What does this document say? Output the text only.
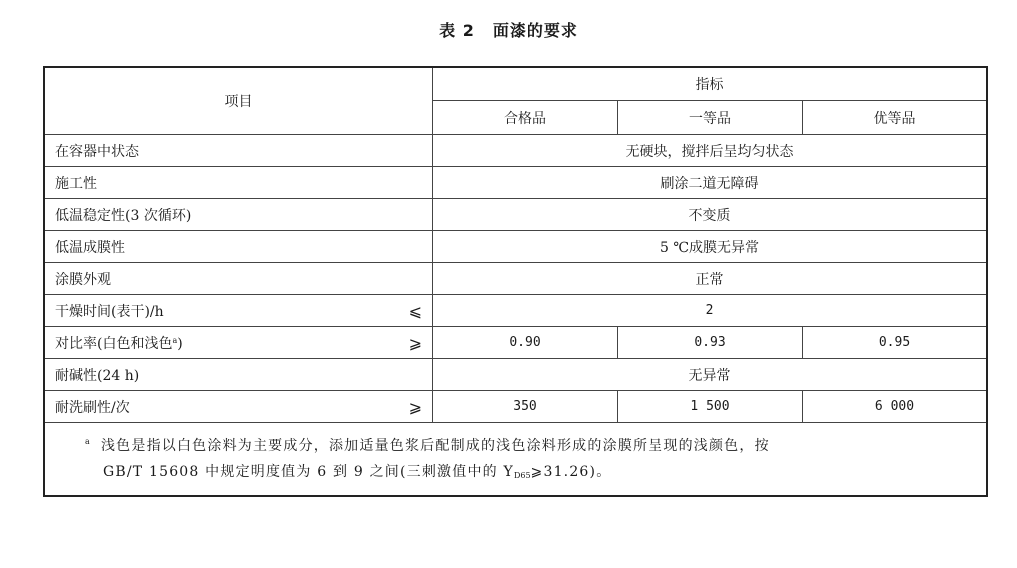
表 2 面漆的要求
项目	指标		
	合格品	一等品	优等品
在容器中状态	无硬块，搅拌后呈均匀状态		
施工性	刷涂二道无障碍		
低温稳定性(3 次循环)	不变质		
低温成膜性	5 ℃成膜无异常		
涂膜外观	正常		
干燥时间(表干)/h ⩽	2		
对比率(白色和浅色$^a$) ⩾	0.90	0.93	0.95
耐碱性(24 h)	无异常		
耐洗刷性/次 ⩾	350	1 500	6 000
$^a$ 浅色是指以白色涂料为主要成分，添加适量色浆后配制成的浅色涂料形成的涂膜所呈现的浅颜色，按
GB/T 15608 中规定明度值为 6 到 9 之间(三刺激值中的 $Y_{D65}⩾31.26$)。			
